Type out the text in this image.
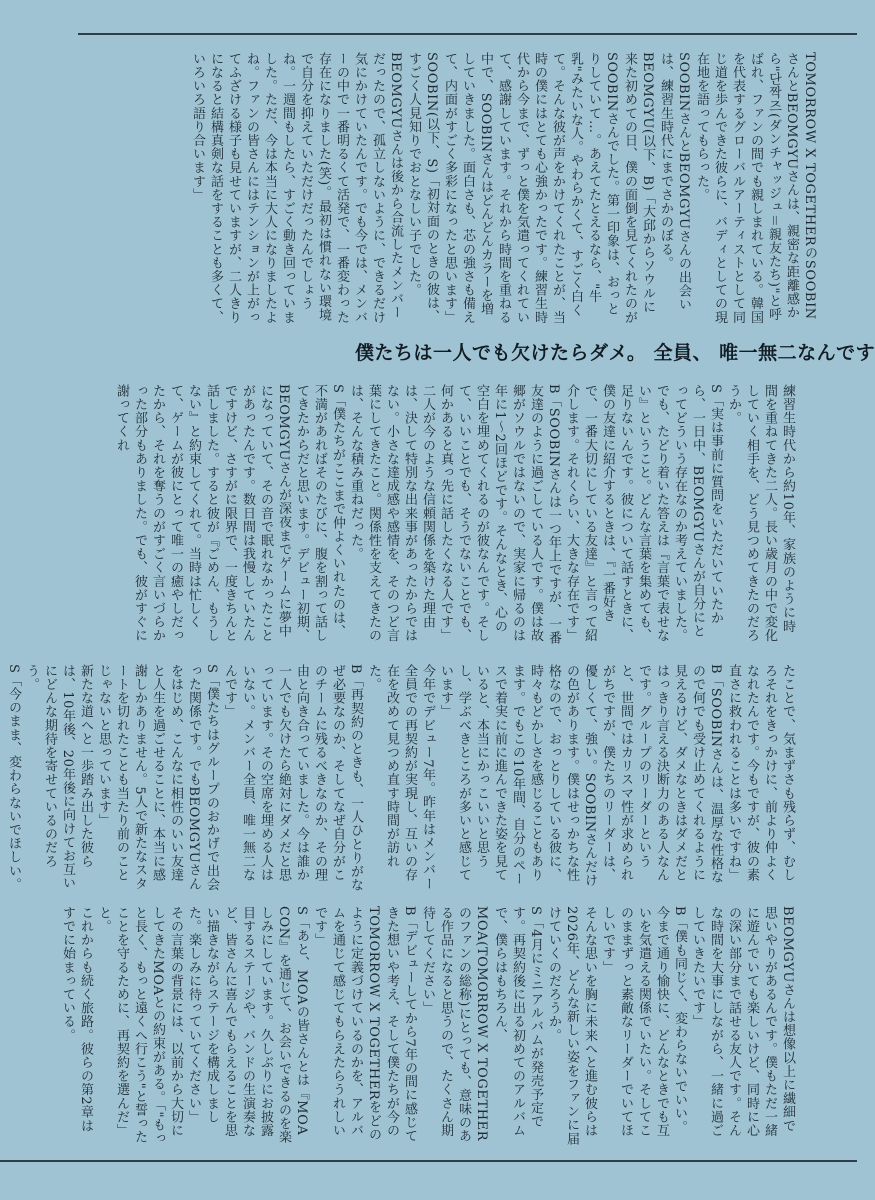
TOMORROW X TOGETHERのSOOBINさんとBEOMGYUさんは、親密な距離感から"단짝즈(ダンチャッジュ＝親友たち)"と呼ばれ、ファンの間でも親しまれている。韓国を代表するグローバルアーティストとして同じ道を歩んできた彼らに、バディとしての現在地を語ってもらった。
SOOBINさんとBEOMGYUさんの出会いは、練習生時代にまでさかのぼる。
BEOMGYU(以下、B)「大邱からソウルに来た初めての日、僕の面倒を見てくれたのがSOOBINさんでした。第一印象は、おっとりしていて…。あえてたとえるなら、"牛乳"みたいな人。やわらかくて、すごく白くて。そんな彼が声をかけてくれたことが、当時の僕にはとても心強かったです。練習生時代から今まで、ずっと僕を気遣ってくれていて、感謝しています。それから時間を重ねる中で、SOOBINさんはどんどんカラーを増していきました。面白さも、芯の強さも備えて、内面がすごく多彩になったと思います」
SOOBIN(以下、S)「初対面のときの彼は、すごく人見知りでおとなしい子でした。BEOMGYUさんは後から合流したメンバーだったので、孤立しないように、できるだけ気にかけていたんです。でも今では、メンバーの中で一番明るくて活発で、一番変わった存在になりました(笑)。最初は慣れない環境で自分を抑えていただけだったんでしょうね。一週間もしたら、すごく動き回っていました。ただ、今は本当に大人になりましたよね。ファンの皆さんにはテンションが上がってふざける様子も見せていますが、二人きりになると結構真剣な話をすることも多くて、いろいろ語り合います」
僕たちは一人でも欠けたらダメ。 全員、 唯一無二なんです
練習生時代から約10年、家族のように時間を重ねてきた二人。長い歳月の中で変化していく相手を、どう見つめてきたのだろうか。
S「実は事前に質問をいただいていたから、一日中、BEOMGYUさんが自分にとってどういう存在なのか考えていました。でも、たどり着いた答えは『言葉で表せない』ということ。どんな言葉を集めても、足りないんです。彼について話すときに、僕の友達に紹介するときは、『一番好きで、一番大切にしている友達』と言って紹介します。それくらい、大きな存在です」
B「SOOBINさんは一つ年上ですが、一番友達のように過ごしている人です。僕は故郷がソウルではないので、実家に帰るのは年に1〜2回ほどです。そんなとき、心の空白を埋めてくれるのが彼なんです。そして、いいことでも、そうでないことでも、何かあると真っ先に話したくなる人です」
二人が今のような信頼関係を築けた理由は、決して特別な出来事があったからではない。小さな達成感や感情を、そのつど言葉にしてきたこと。関係性を支えてきたのは、そんな積み重ねだった。
S「僕たちがここまで仲よくいれたのは、不満があればそのたびに、腹を割って話してきたからだと思います。デビュー初期、BEOMGYUさんが深夜までゲームに夢中になっていて、その音で眠れなかったことがあったんです。数日間は我慢していたんですけど、さすがに限界で、一度きちんと話しました。すると彼が『ごめん、もうしない』と約束してくれて。当時は忙しくて、ゲームが彼にとって唯一の癒やしだったから、それを奪うのがすごく言いづらかった部分もありました。でも、彼がすぐに謝ってくれ
たことで、気まずさも残らず、むしろそれをきっかけに、前より仲よくなれたんです。今もですが、彼の素直さに救われることは多いですね」
B「SOOBINさんは、温厚な性格なので何でも受け止めてくれるように見えるけど、ダメなときはダメだとはっきり言える決断力のある人なんです。グループのリーダーというと、世間ではカリスマ性が求められがちですが、僕たちのリーダーは、優しくて、強い。SOOBINさんだけの色があります。僕はせっかちな性格なので、おっとりしている彼に、時々もどかしさを感じることもあります。でもこの10年間、自分のペースで着実に前に進んできた姿を見ていると、本当にかっこいいと思うし、学ぶべきところが多いと感じています」
今年でデビュー7年。昨年はメンバー全員での再契約が実現し、互いの存在を改めて見つめ直す時間が訪れた。
B「再契約のときも、一人ひとりがなぜ必要なのか、そしてなぜ自分がこのチームに残るべきなのか、その理由と向き合っていました。今は誰か一人でも欠けたら絶対にダメだと思っています。その空席を埋める人はいない。メンバー全員、唯一無二なんです」
S「僕たちはグループのおかげで出会った関係です。でもBEOMGYUさんをはじめ、こんなに相性のいい友達と人生を過ごせることに、本当に感謝しかありません。5人で新たなスタートを切れたことも当たり前のことじゃないと思っています」
新たな道へと一歩踏み出した彼らは、10年後、20年後に向けてお互いにどんな期待を寄せているのだろう。
S「今のまま、変わらないでほしい。
BEOMGYUさんは想像以上に繊細で思いやりがあるんです。僕もただ一緒に遊んでいても楽しいけど、同時に心の深い部分まで話せる友人です。そんな時間を大事にしながら、一緒に過ごしていきたいです」
B「僕も同じく、変わらないでいい。今まで通り愉快に、どんなときでも互いを気遣える関係でいたい。そしてこのままずっと素敵なリーダーでいてほしいです」
そんな思いを胸に未来へと進む彼らは2026年、どんな新しい姿をファンに届けていくのだろうか。
S「4月にミニアルバムが発売予定です。再契約後に出る初めてのアルバムで、僕らはもちろん、MOA(TOMORROW X TOGETHERのファンの総称)にとっても、意味のある作品になると思うので、たくさん期待してください」
B「デビューしてから7年の間に感じてきた想いや考え、そして僕たちが今のTOMORROW X TOGETHERをどのように定義づけているのかを、アルバムを通じて感じてもらえたらうれしいです」
S「あと、MOAの皆さんとは『MOA CON』を通じて、お会いできるのを楽しみにしています。久しぶりにお披露目するステージや、バンドの生演奏など、皆さんに喜んでもらえることを思い描きながらステージを構成しました。楽しみに待っていてください」
その言葉の背景には、以前から大切にしてきたMOAとの約束がある。「"もっと長く、もっと遠くへ行こう"と誓ったことを守るために、再契約を選んだ」と。
これからも続く旅路。彼らの第2章はすでに始まっている。
